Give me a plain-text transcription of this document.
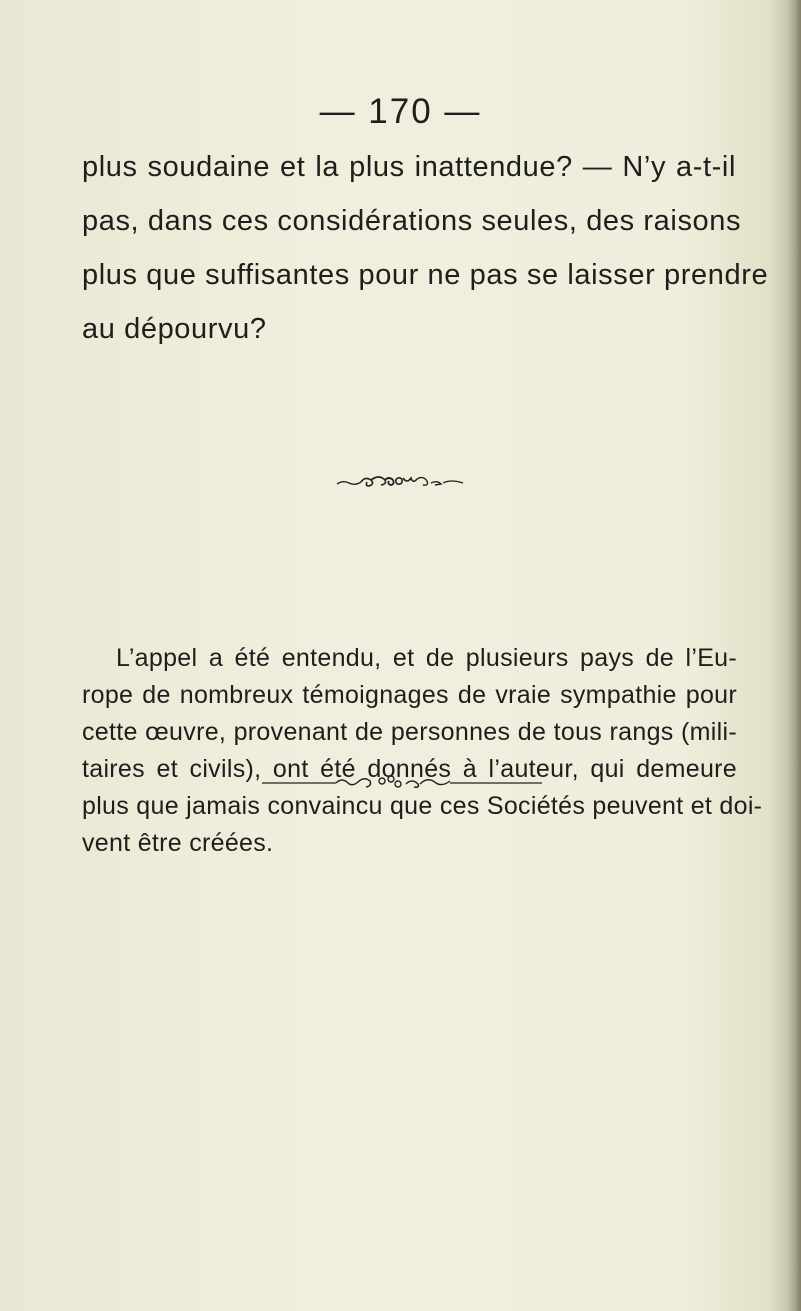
— 170 —
plus soudaine et la plus inattendue? — N’y a-t-il
pas, dans ces considérations seules, des raisons
plus que suffisantes pour ne pas se laisser prendre
au dépourvu?
L’appel a été entendu, et de plusieurs pays de l’Eu-
rope de nombreux témoignages de vraie sympathie pour
cette œuvre, provenant de personnes de tous rangs (mili-
taires et civils), ont été donnés à l’auteur, qui demeure
plus que jamais convaincu que ces Sociétés peuvent et doi-
vent être créées.
